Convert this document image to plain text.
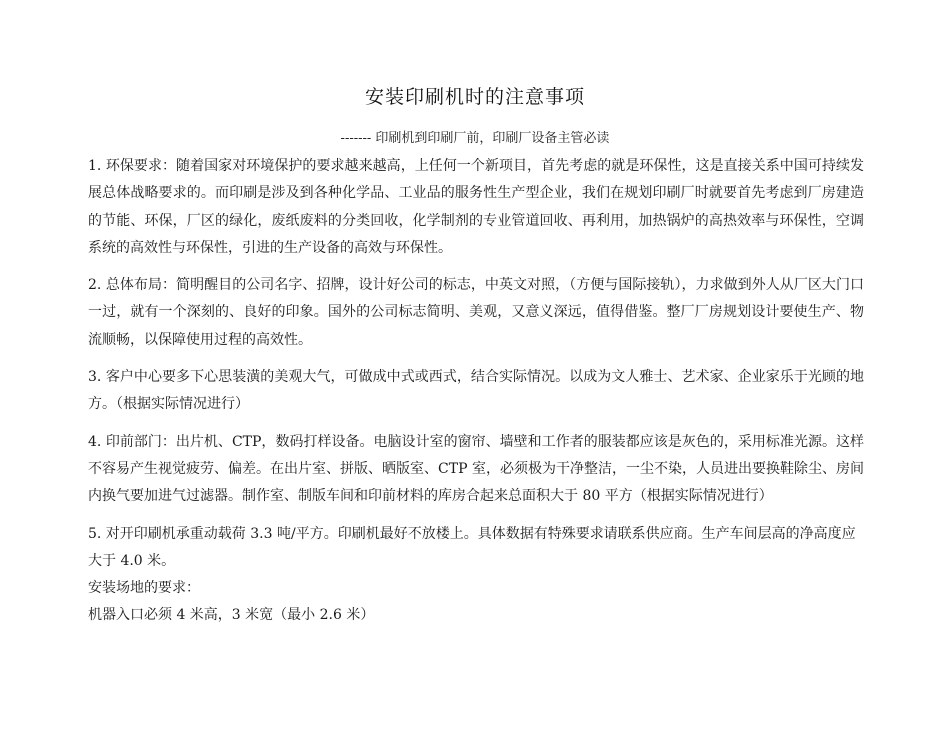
安装印刷机时的注意事项
------- 印刷机到印刷厂前，印刷厂设备主管必读

1. 环保要求：随着国家对环境保护的要求越来越高，上任何一个新项目，首先考虑的就是环保性，这是直接关系中国可持续发展总体战略要求的。而印刷是涉及到各种化学品、工业品的服务性生产型企业，我们在规划印刷厂时就要首先考虑到厂房建造的节能、环保，厂区的绿化，废纸废料的分类回收，化学制剂的专业管道回收、再利用，加热锅炉的高热效率与环保性，空调系统的高效性与环保性，引进的生产设备的高效与环保性。

2. 总体布局：简明醒目的公司名字、招牌，设计好公司的标志，中英文对照，（方便与国际接轨），力求做到外人从厂区大门口一过，就有一个深刻的、良好的印象。国外的公司标志简明、美观，又意义深远，值得借鉴。整厂厂房规划设计要使生产、物流顺畅，以保障使用过程的高效性。

3. 客户中心要多下心思装潢的美观大气，可做成中式或西式，结合实际情况。以成为文人雅士、艺术家、企业家乐于光顾的地方。（根据实际情况进行）

4. 印前部门：出片机、CTP，数码打样设备。电脑设计室的窗帘、墙壁和工作者的服装都应该是灰色的，采用标准光源。这样不容易产生视觉疲劳、偏差。在出片室、拼版、晒版室、CTP 室，必须极为干净整洁，一尘不染，人员进出要换鞋除尘、房间内换气要加进气过滤器。制作室、制版车间和印前材料的库房合起来总面积大于 80 平方（根据实际情况进行）

5. 对开印刷机承重动载荷 3.3 吨/平方。印刷机最好不放楼上。具体数据有特殊要求请联系供应商。生产车间层高的净高度应大于 4.0 米。

安装场地的要求：

机器入口必须 4 米高，3 米宽（最小 2.6 米）
